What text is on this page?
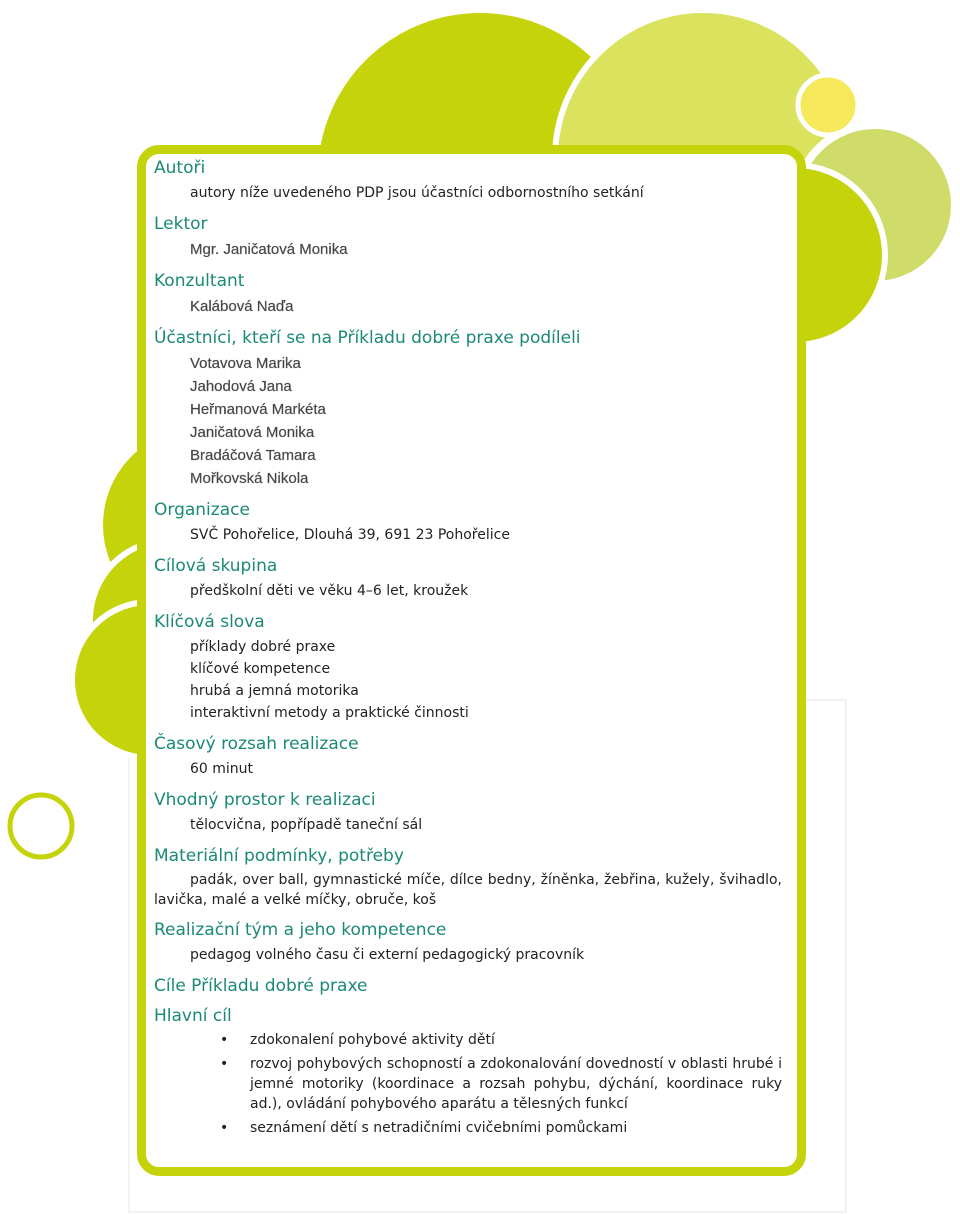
Autoři
autory níže uvedeného PDP jsou účastníci odbornostního setkání
Lektor
Mgr. Janičatová Monika
Konzultant
Kalábová Naďa
Účastníci, kteří se na Příkladu dobré praxe podíleli
Votavova Marika
Jahodová Jana
Heřmanová Markéta
Janičatová Monika
Bradáčová Tamara
Mořkovská Nikola
Organizace
SVČ Pohořelice, Dlouhá 39, 691 23 Pohořelice
Cílová skupina
předškolní děti ve věku 4–6 let, kroužek
Klíčová slova
příklady dobré praxe
klíčové kompetence
hrubá a jemná motorika
interaktivní metody a praktické činnosti
Časový rozsah realizace
60 minut
Vhodný prostor k realizaci
tělocvična, popřípadě taneční sál
Materiální podmínky, potřeby
padák, over ball, gymnastické míče, dílce bedny, žíněnka, žebřina, kužely, švihadlo, lavička, malé a velké míčky, obruče, koš
Realizační tým a jeho kompetence
pedagog volného času či externí pedagogický pracovník
Cíle Příkladu dobré praxe
Hlavní cíl
• zdokonalení pohybové aktivity dětí
• rozvoj pohybových schopností a zdokonalování dovedností v oblasti hrubé i jemné motoriky (koordinace a rozsah pohybu, dýchání, koordinace ruky ad.), ovládání pohybového aparátu a tělesných funkcí
• seznámení dětí s netradičními cvičebními pomůckami
